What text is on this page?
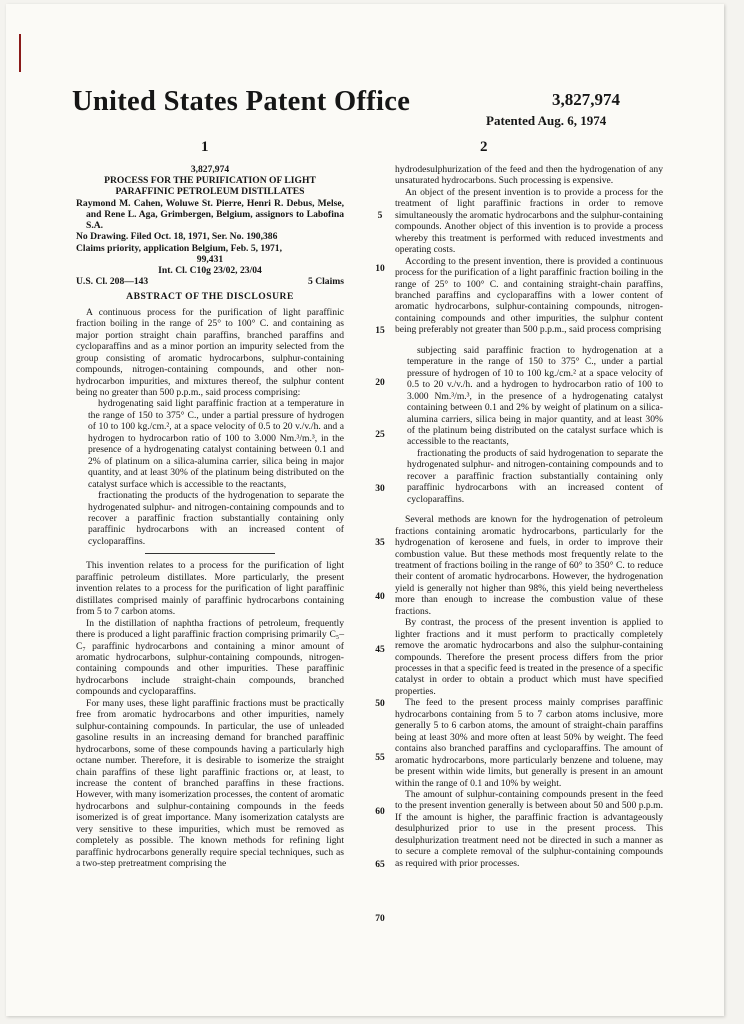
United States Patent Office	3,827,974
Patented Aug. 6, 1974
1	2
3,827,974
PROCESS FOR THE PURIFICATION OF LIGHT
PARAFFINIC PETROLEUM DISTILLATES
Raymond M. Cahen, Woluwe St. Pierre, Henri R. Debus, Melse, and Rene L. Aga, Grimbergen, Belgium, assignors to Labofina S.A.
No Drawing. Filed Oct. 18, 1971, Ser. No. 190,386
Claims priority, application Belgium, Feb. 5, 1971,
99,431
Int. Cl. C10g 23/02, 23/04
U.S. Cl. 208—143	5 Claims
ABSTRACT OF THE DISCLOSURE

A continuous process for the purification of light paraffinic fraction boiling in the range of 25° to 100° C. and containing as major portion straight chain paraffins, branched paraffins and cycloparaffins and as a minor portion an impurity selected from the group consisting of aromatic hydrocarbons, sulphur-containing compounds, nitrogen-containing compounds, and other non-hydrocarbon impurities, and mixtures thereof, the sulphur content being no greater than 500 p.p.m., said process comprising:

hydrogenating said light paraffinic fraction at a temperature in the range of 150 to 375° C., under a partial pressure of hydrogen of 10 to 100 kg./cm.², at a space velocity of 0.5 to 20 v./v./h. and a hydrogen to hydrocarbon ratio of 100 to 3.000 Nm.³/m.³, in the presence of a hydrogenating catalyst containing between 0.1 and 2% of platinum on a silica-alumina carrier, silica being in major quantity, and at least 30% of the platinum being distributed on the catalyst surface which is accessible to the reactants,

fractionating the products of the hydrogenation to separate the hydrogenated sulphur- and nitrogen-containing compounds and to recover a paraffinic fraction substantially containing only paraffinic hydrocarbons with an increased content of cycloparaffins.

This invention relates to a process for the purification of light paraffinic petroleum distillates. More particularly, the present invention relates to a process for the purification of light paraffinic distillates comprised mainly of paraffinic hydrocarbons containing from 5 to 7 carbon atoms.

In the distillation of naphtha fractions of petroleum, frequently there is produced a light paraffinic fraction comprising primarily C₅–C₇ paraffinic hydrocarbons and containing a minor amount of aromatic hydrocarbons, sulphur-containing compounds, nitrogen-containing compounds and other impurities. These paraffinic hydrocarbons include straight-chain compounds, branched compounds and cycloparaffins.

For many uses, these light paraffinic fractions must be practically free from aromatic hydrocarbons and other impurities, namely sulphur-containing compounds. In particular, the use of unleaded gasoline results in an increasing demand for branched paraffinic hydrocarbons, some of these compounds having a particularly high octane number. Therefore, it is desirable to isomerize the straight chain paraffins of these light paraffinic fractions or, at least, to increase the content of branched paraffins in these fractions. However, with many isomerization processes, the content of aromatic hydrocarbons and sulphur-containing compounds in the feeds isomerized is of great importance. Many isomerization catalysts are very sensitive to these impurities, which must be removed as completely as possible. The known methods for refining light paraffinic hydrocarbons generally require special techniques, such as a two-step pretreatment comprising the

5
10
15
20
25
30
35
40
45
50
55
60
65
70

hydrodesulphurization of the feed and then the hydrogenation of any unsaturated hydrocarbons. Such processing is expensive.

An object of the present invention is to provide a process for the treatment of light paraffinic fractions in order to remove simultaneously the aromatic hydrocarbons and the sulphur-containing compounds. Another object of this invention is to provide a process whereby this treatment is performed with reduced investments and operating costs.

According to the present invention, there is provided a continuous process for the purification of a light paraffinic fraction boiling in the range of 25° to 100° C. and containing straight-chain paraffins, branched paraffins and cycloparaffins with a lower content of aromatic hydrocarbons, sulphur-containing compounds, nitrogen-containing compounds and other impurities, the sulphur content being preferably not greater than 500 p.p.m., said process comprising

subjecting said paraffinic fraction to hydrogenation at a temperature in the range of 150 to 375° C., under a partial pressure of hydrogen of 10 to 100 kg./cm.² at a space velocity of 0.5 to 20 v./v./h. and a hydrogen to hydrocarbon ratio of 100 to 3.000 Nm.³/m.³, in the presence of a hydrogenating catalyst containing between 0.1 and 2% by weight of platinum on a silica-alumina carriers, silica being in major quantity, and at least 30% of the platinum being distributed on the catalyst surface which is accessible to the reactants,

fractionating the products of said hydrogenation to separate the hydrogenated sulphur- and nitrogen-containing compounds and to recover a paraffinic fraction substantially containing only paraffinic hydrocarbons with an increased content of cycloparaffins.

Several methods are known for the hydrogenation of petroleum fractions containing aromatic hydrocarbons, particularly for the hydrogenation of kerosene and fuels, in order to improve their combustion value. But these methods most frequently relate to the treatment of fractions boiling in the range of 60° to 350° C. to reduce their content of aromatic hydrocarbons. However, the hydrogenation yield is generally not higher than 98%, this yield being nevertheless more than enough to increase the combustion value of these fractions.

By contrast, the process of the present invention is applied to lighter fractions and it must perform to practically completely remove the aromatic hydrocarbons and also the sulphur-containing compounds. Therefore the present process differs from the prior processes in that a specific feed is treated in the presence of a specific catalyst in order to obtain a product which must have specified properties.

The feed to the present process mainly comprises paraffinic hydrocarbons containing from 5 to 7 carbon atoms inclusive, more generally 5 to 6 carbon atoms, the amount of straight-chain paraffins being at least 30% and more often at least 50% by weight. The feed contains also branched paraffins and cycloparaffins. The amount of aromatic hydrocarbons, more particularly benzene and toluene, may be present within wide limits, but generally is present in an amount within the range of 0.1 and 10% by weight.

The amount of sulphur-containing compounds present in the feed to the present invention generally is between about 50 and 500 p.p.m. If the amount is higher, the paraffinic fraction is advantageously desulphurized prior to use in the present process. This desulphurization treatment need not be directed in such a manner as to secure a complete removal of the sulphur-containing compounds as required with prior processes.
